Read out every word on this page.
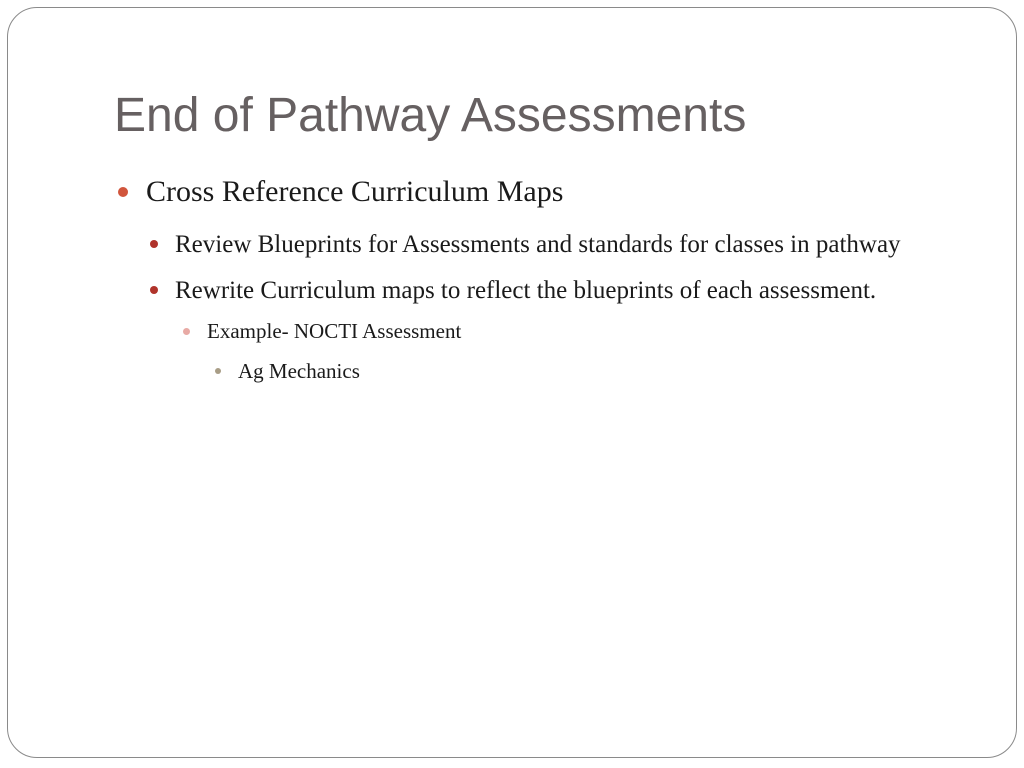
End of Pathway Assessments
Cross Reference Curriculum Maps
Review Blueprints for Assessments and standards for classes in pathway
Rewrite Curriculum maps to reflect the blueprints of each assessment.
Example- NOCTI Assessment
Ag Mechanics
